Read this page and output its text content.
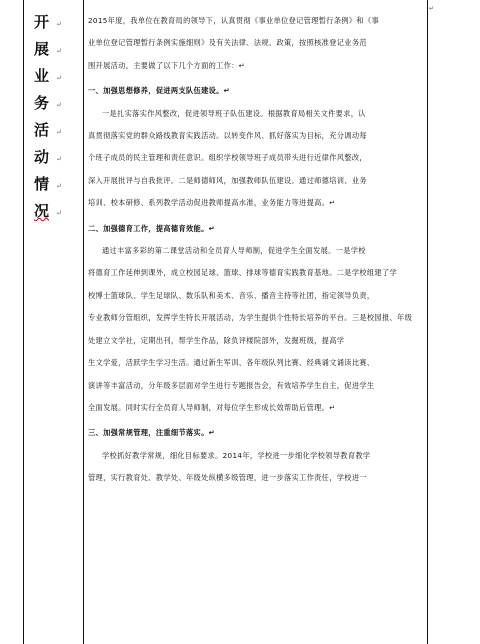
↵
开 ↵
展 ↵
业 ↵
务 ↵
活 ↵
动 ↵
情 ↵
况 ↵

2015年度，我单位在教育局的领导下，认真贯彻《事业单位登记管理暂行条例》和《事

业单位登记管理暂行条例实施细则》及有关法律、法规、政策，按照核准登记业务范

围开展活动，主要做了以下几个方面的工作：↵

一、加强思想修养，促进两支队伍建设。↵

一是扎实落实作风整改，促进领导班子队伍建设。根据教育局相关文件要求，认

真贯彻落实党的群众路线教育实践活动。以转变作风、抓好落实为目标，充分调动每

个班子成员的民主管理和责任意识。组织学校领导班子成员带头进行近律作风整改，

深入开展批评与自我批评。二是师德师风，加强教师队伍建设。通过师德培训、业务

培训、校本研修、系列教学活动促进教师提高水准，业务能力等进提高。↵

二、加强德育工作，提高德育效能。↵

通过丰富多彩的第二课堂活动和全员育人导师制，促进学生全面发展。一是学校

将德育工作延伸到课外，成立校园足球、篮球、排球等德育实践教育基地。二是学校组建了学

校博士篮球队、学生足球队、数乐队和美术、音乐、播音主持等社团，指定领导负责，

专业教师分管组织，发挥学生特长开展活动，为学生提供个性特长培养的平台。三是校园报、年级

处建立文学社，定期出刊，帮学生作品，除负评楼院部外，发掘班级，提高学

生文学爱，活跃学生学习生活。通过新生军训、各年级队列比赛、经典诵文诵读比赛、

演讲等丰富活动，分年级多层面对学生进行专题报告会，有效培养学生自主，促进学生

全面发展。同时实行全员育人导师制，对每位学生形成长效帮助后管理。↵

三、加强常规管理，注重细节落实。↵

学校抓好教学常规，细化目标要求。2014年，学校进一步细化学校领导教育教学

管理，实行教育处、教学处、年级处纵横多级管理，进一步落实工作责任，学校进一
